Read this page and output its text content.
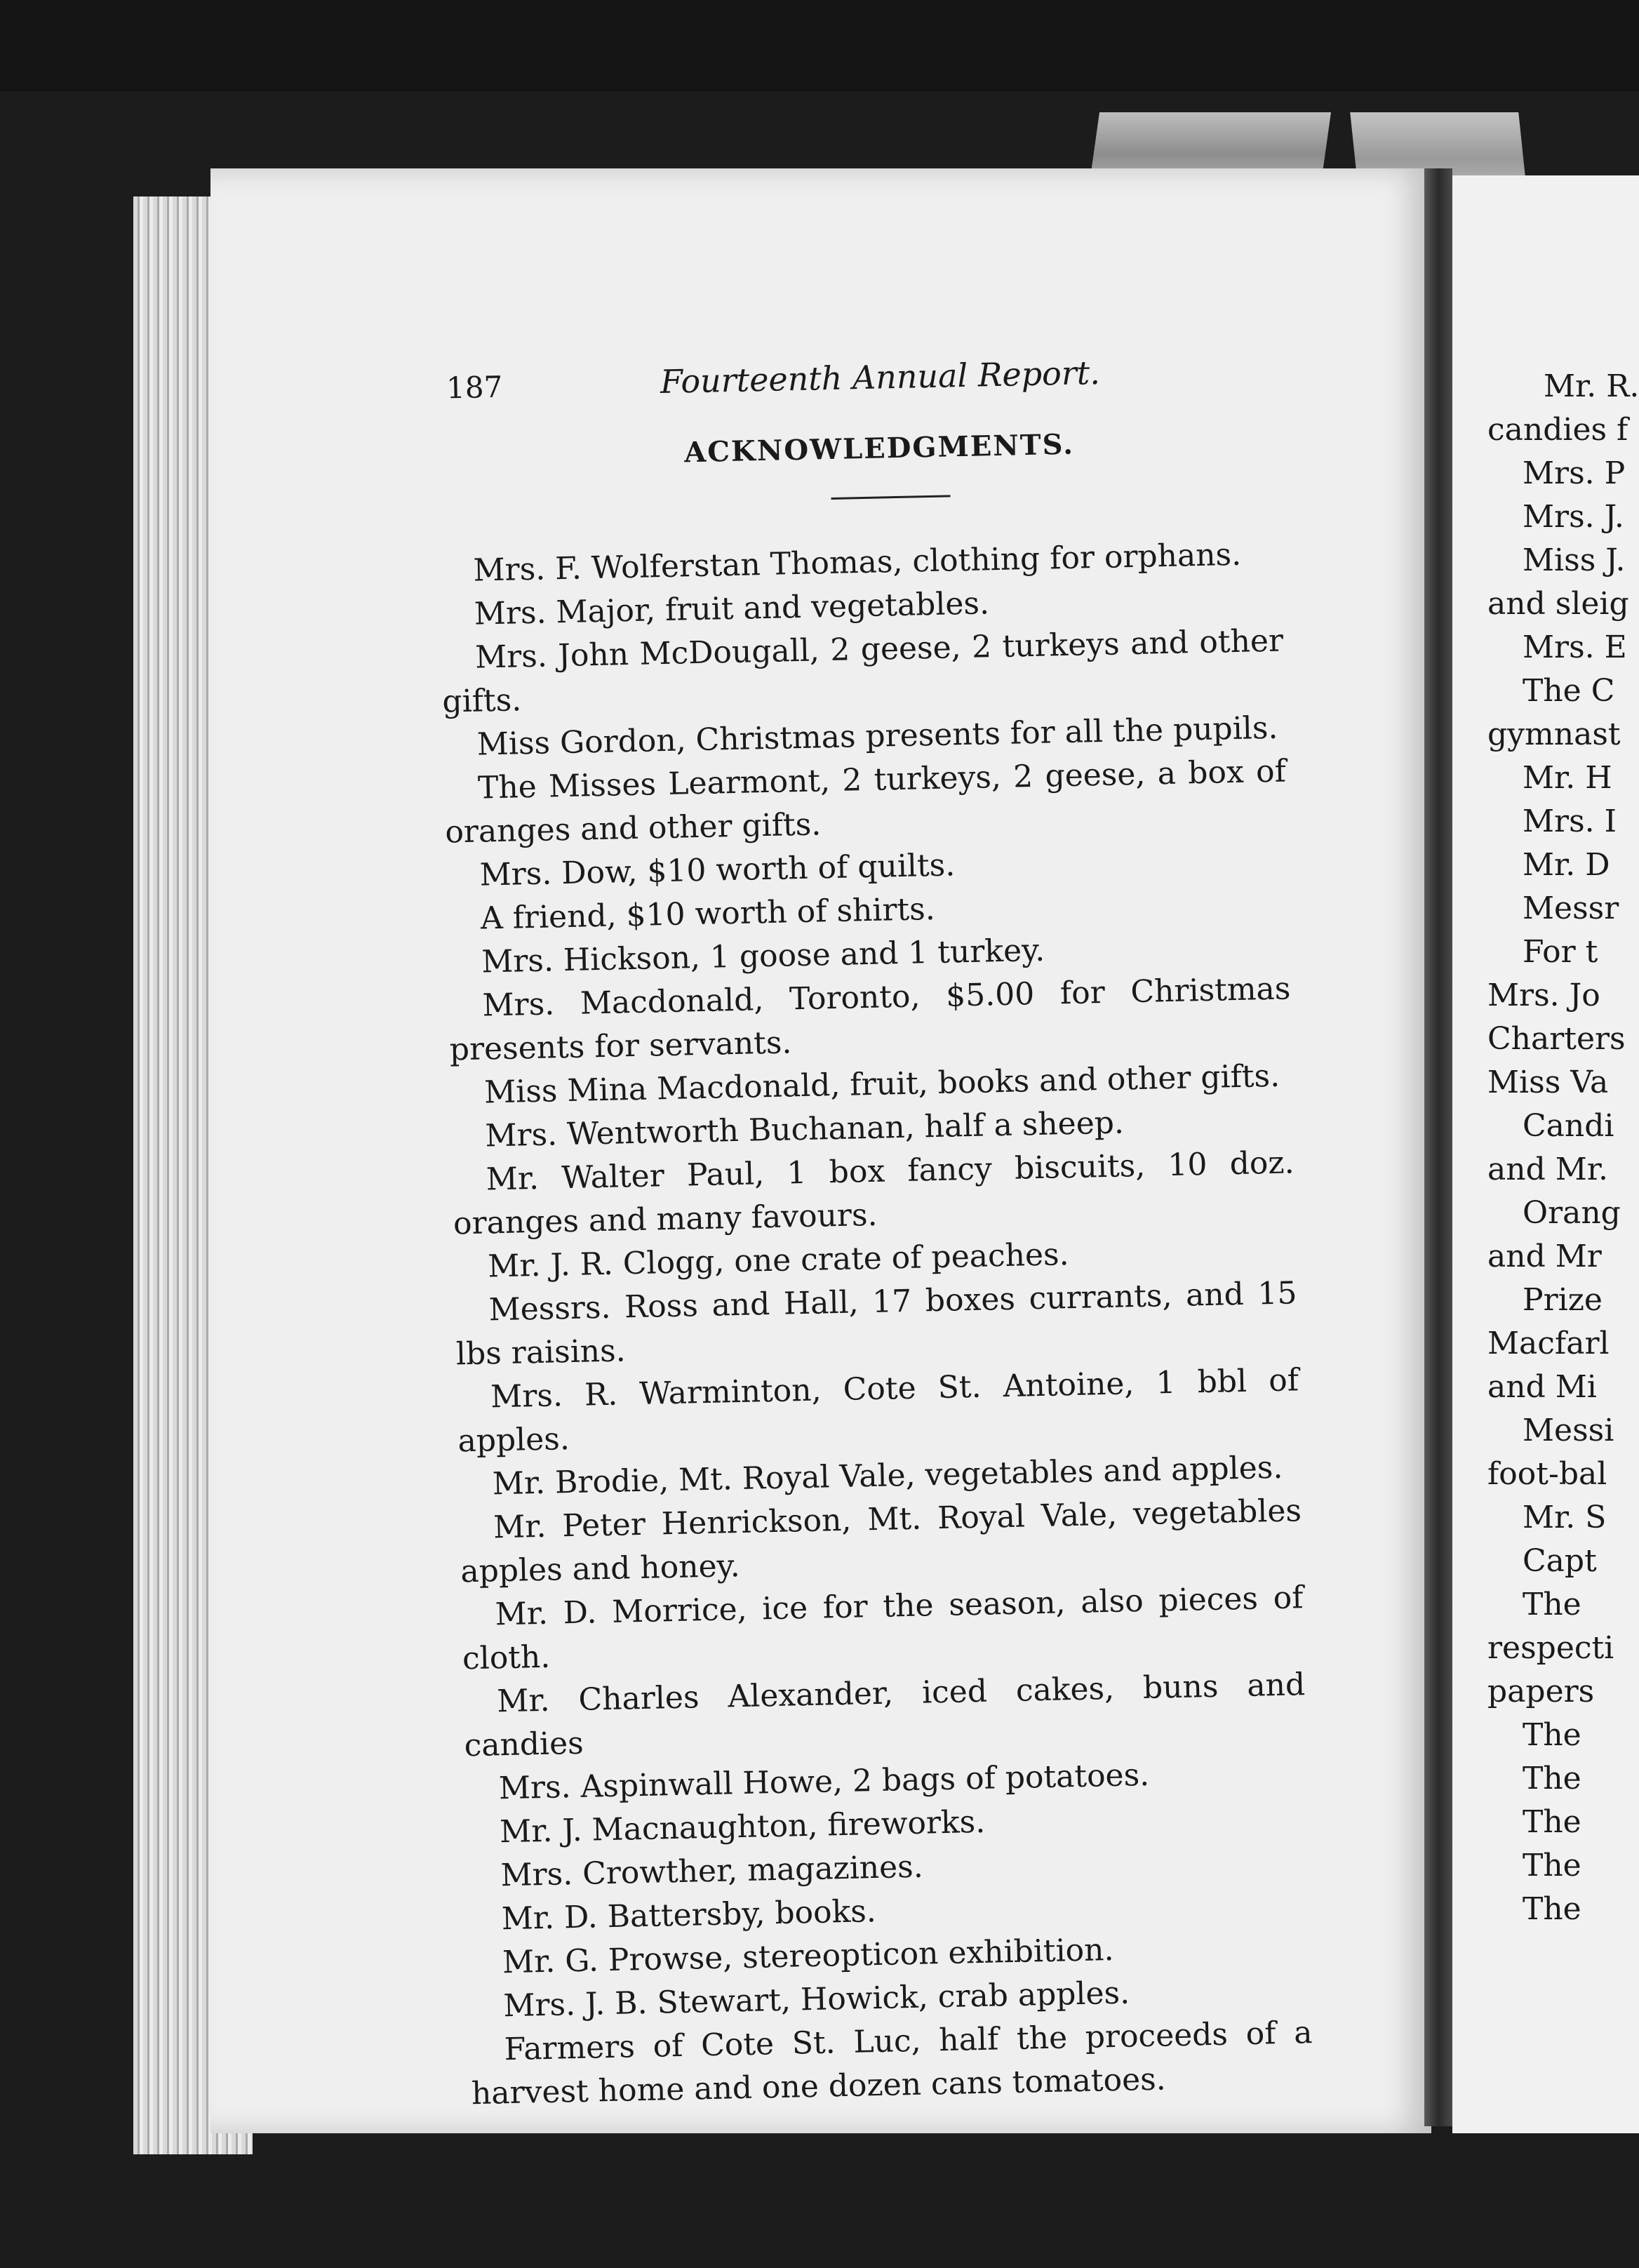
187	Fourteenth Annual Report.
ACKNOWLEDGMENTS.

Mrs. F. Wolferstan Thomas, clothing for orphans.

Mrs. Major, fruit and vegetables.

Mrs. John McDougall, 2 geese, 2 turkeys and other gifts.

Miss Gordon, Christmas presents for all the pupils.

The Misses Learmont, 2 turkeys, 2 geese, a box of oranges and other gifts.

Mrs. Dow, $10 worth of quilts.

A friend, $10 worth of shirts.

Mrs. Hickson, 1 goose and 1 turkey.

Mrs. Macdonald, Toronto, $5.00 for Christmas presents for servants.

Miss Mina Macdonald, fruit, books and other gifts.

Mrs. Wentworth Buchanan, half a sheep.

Mr. Walter Paul, 1 box fancy biscuits, 10 doz. oranges and many favours.

Mr. J. R. Clogg, one crate of peaches.

Messrs. Ross and Hall, 17 boxes currants, and 15 lbs raisins.

Mrs. R. Warminton, Cote St. Antoine, 1 bbl of apples.

Mr. Brodie, Mt. Royal Vale, vegetables and apples.

Mr. Peter Henrickson, Mt. Royal Vale, vegetables apples and honey.

Mr. D. Morrice, ice for the season, also pieces of cloth.

Mr. Charles Alexander, iced cakes, buns and candies

Mrs. Aspinwall Howe, 2 bags of potatoes.

Mr. J. Macnaughton, fireworks.

Mrs. Crowther, magazines.

Mr. D. Battersby, books.

Mr. G. Prowse, stereopticon exhibition.

Mrs. J. B. Stewart, Howick, crab apples.

Farmers of Cote St. Luc, half the proceeds of a harvest home and one dozen cans tomatoes.

Mr. R.
candies f
Mrs. P
Mrs. J.
Miss J.
and sleig
Mrs. E
The C
gymnast
Mr. H
Mrs. I
Mr. D
Messr
For t
Mrs. Jo
Charters
Miss Va
Candi
and Mr.
Orang
and Mr
Prize
Macfarl
and Mi
Messi
foot-bal
Mr. S
Capt
The
respecti
papers
The
The
The
The
The
